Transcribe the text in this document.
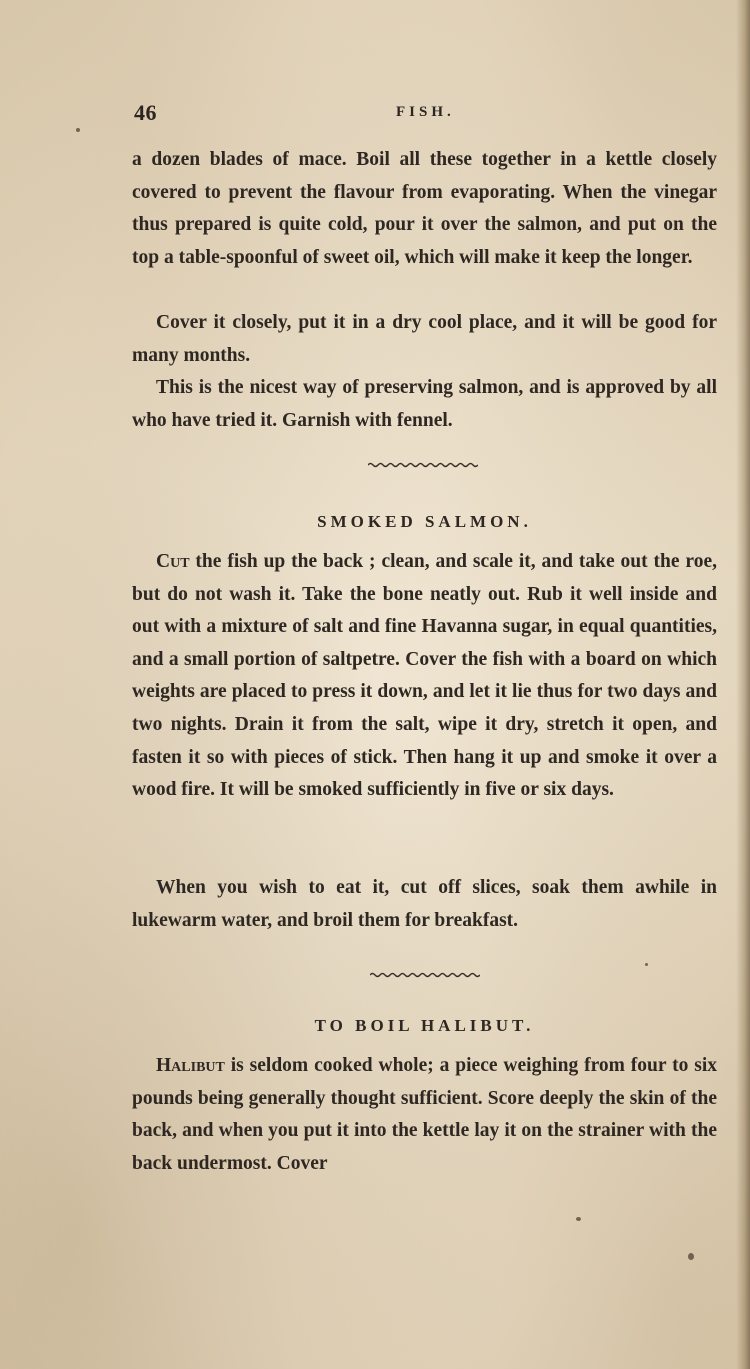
46	FISH.

a dozen blades of mace. Boil all these together in a kettle closely covered to prevent the flavour from evaporating. When the vinegar thus prepared is quite cold, pour it over the salmon, and put on the top a table-spoonful of sweet oil, which will make it keep the longer.

Cover it closely, put it in a dry cool place, and it will be good for many months.

This is the nicest way of preserving salmon, and is approved by all who have tried it. Garnish with fennel.

SMOKED SALMON.

Cut the fish up the back ; clean, and scale it, and take out the roe, but do not wash it. Take the bone neatly out. Rub it well inside and out with a mixture of salt and fine Havanna sugar, in equal quantities, and a small portion of saltpetre. Cover the fish with a board on which weights are placed to press it down, and let it lie thus for two days and two nights. Drain it from the salt, wipe it dry, stretch it open, and fasten it so with pieces of stick. Then hang it up and smoke it over a wood fire. It will be smoked sufficiently in five or six days.

When you wish to eat it, cut off slices, soak them awhile in lukewarm water, and broil them for breakfast.

TO BOIL HALIBUT.

Halibut is seldom cooked whole; a piece weighing from four to six pounds being generally thought sufficient. Score deeply the skin of the back, and when you put it into the kettle lay it on the strainer with the back undermost. Cover
